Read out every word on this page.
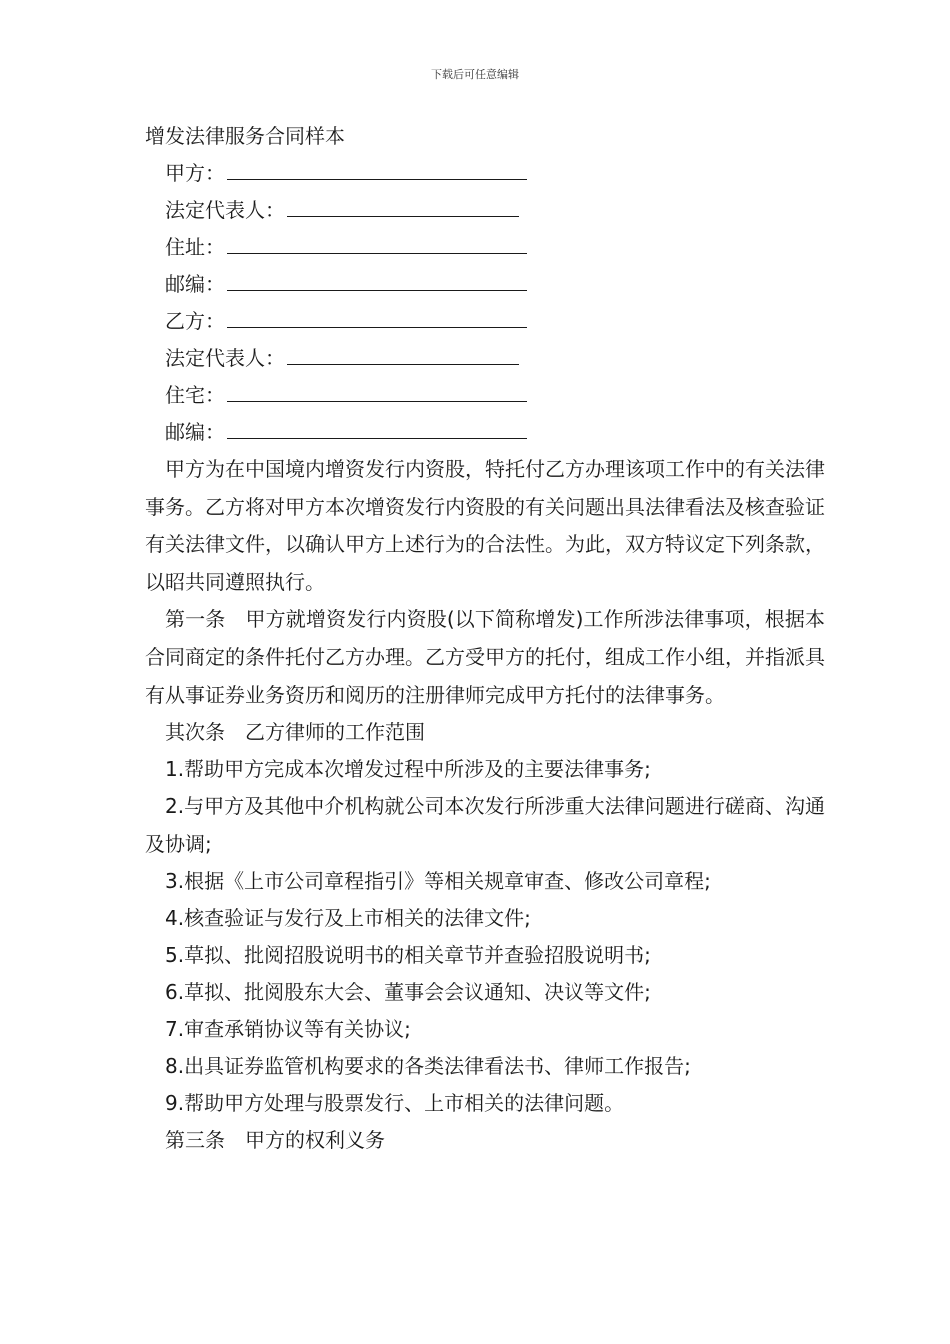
下载后可任意编辑
增发法律服务合同样本
甲方：
法定代表人：
住址：
邮编：
乙方：
法定代表人：
住宅：
邮编：

甲方为在中国境内增资发行内资股，特托付乙方办理该项工作中的有关法律事务。乙方将对甲方本次增资发行内资股的有关问题出具法律看法及核查验证有关法律文件，以确认甲方上述行为的合法性。为此，双方特议定下列条款，以昭共同遵照执行。

第一条　甲方就增资发行内资股(以下简称增发)工作所涉法律事项，根据本合同商定的条件托付乙方办理。乙方受甲方的托付，组成工作小组，并指派具有从事证券业务资历和阅历的注册律师完成甲方托付的法律事务。

其次条　乙方律师的工作范围
1.帮助甲方完成本次增发过程中所涉及的主要法律事务;

2.与甲方及其他中介机构就公司本次发行所涉重大法律问题进行磋商、沟通及协调;

3.根据《上市公司章程指引》等相关规章审查、修改公司章程;
4.核查验证与发行及上市相关的法律文件;
5.草拟、批阅招股说明书的相关章节并查验招股说明书;
6.草拟、批阅股东大会、董事会会议通知、决议等文件;
7.审查承销协议等有关协议;
8.出具证券监管机构要求的各类法律看法书、律师工作报告;
9.帮助甲方处理与股票发行、上市相关的法律问题。
第三条　甲方的权利义务
